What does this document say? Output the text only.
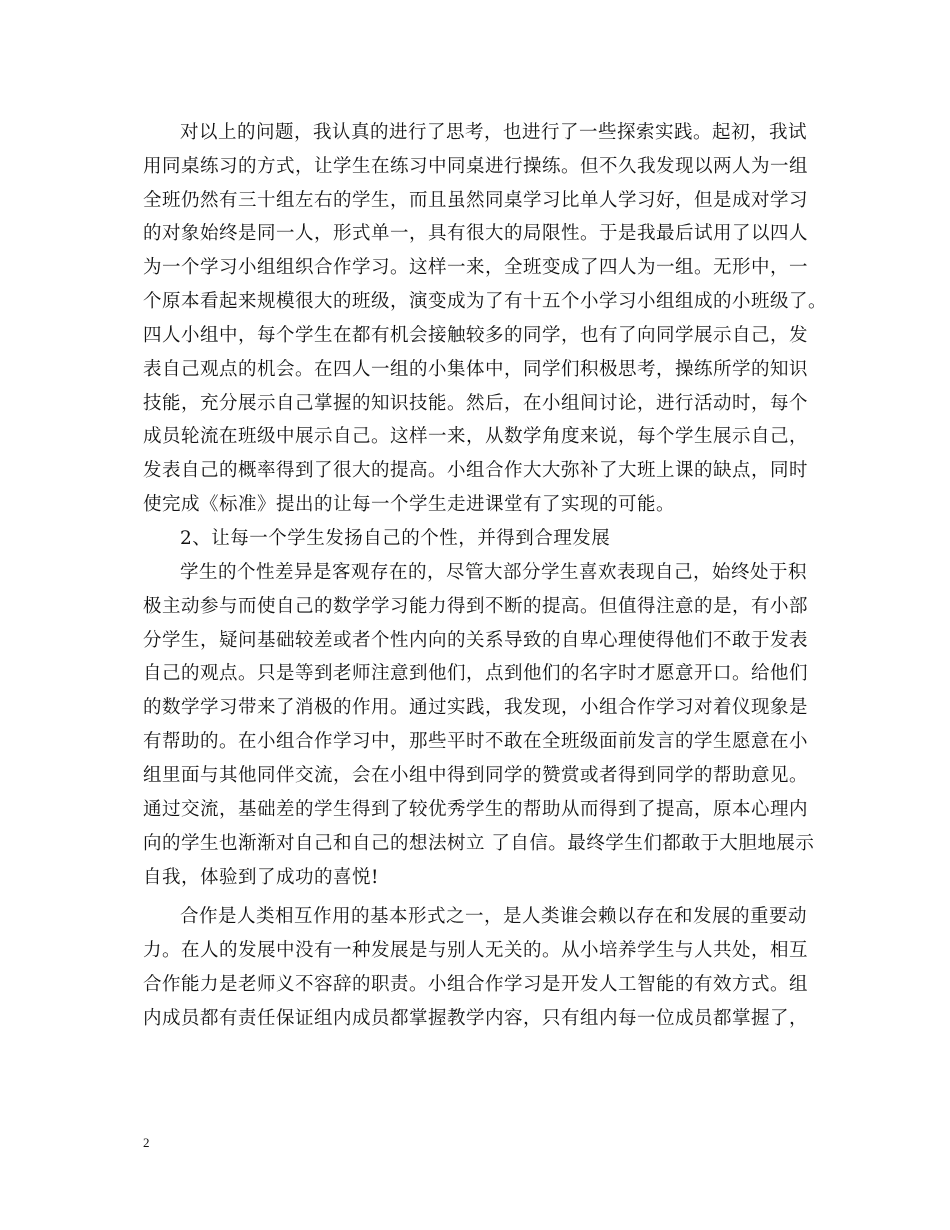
对以上的问题，我认真的进行了思考，也进行了一些探索实践。起初，我试
用同桌练习的方式，让学生在练习中同桌进行操练。但不久我发现以两人为一组
全班仍然有三十组左右的学生，而且虽然同桌学习比单人学习好，但是成对学习
的对象始终是同一人，形式单一，具有很大的局限性。于是我最后试用了以四人
为一个学习小组组织合作学习。这样一来，全班变成了四人为一组。无形中，一
个原本看起来规模很大的班级，演变成为了有十五个小学习小组组成的小班级了。
四人小组中，每个学生在都有机会接触较多的同学，也有了向同学展示自己，发
表自己观点的机会。在四人一组的小集体中，同学们积极思考，操练所学的知识
技能，充分展示自己掌握的知识技能。然后，在小组间讨论，进行活动时，每个
成员轮流在班级中展示自己。这样一来，从数学角度来说，每个学生展示自己，
发表自己的概率得到了很大的提高。小组合作大大弥补了大班上课的缺点，同时
使完成《标准》提出的让每一个学生走进课堂有了实现的可能。
2、让每一个学生发扬自己的个性，并得到合理发展
学生的个性差异是客观存在的，尽管大部分学生喜欢表现自己，始终处于积
极主动参与而使自己的数学学习能力得到不断的提高。但值得注意的是，有小部
分学生，疑问基础较差或者个性内向的关系导致的自卑心理使得他们不敢于发表
自己的观点。只是等到老师注意到他们，点到他们的名字时才愿意开口。给他们
的数学学习带来了消极的作用。通过实践，我发现，小组合作学习对着仪现象是
有帮助的。在小组合作学习中，那些平时不敢在全班级面前发言的学生愿意在小
组里面与其他同伴交流，会在小组中得到同学的赞赏或者得到同学的帮助意见。
通过交流，基础差的学生得到了较优秀学生的帮助从而得到了提高，原本心理内
向的学生也渐渐对自己和自己的想法树立 了自信。最终学生们都敢于大胆地展示
自我，体验到了成功的喜悦!
合作是人类相互作用的基本形式之一，是人类谁会赖以存在和发展的重要动
力。在人的发展中没有一种发展是与别人无关的。从小培养学生与人共处，相互
合作能力是老师义不容辞的职责。小组合作学习是开发人工智能的有效方式。组
内成员都有责任保证组内成员都掌握教学内容，只有组内每一位成员都掌握了，
2
